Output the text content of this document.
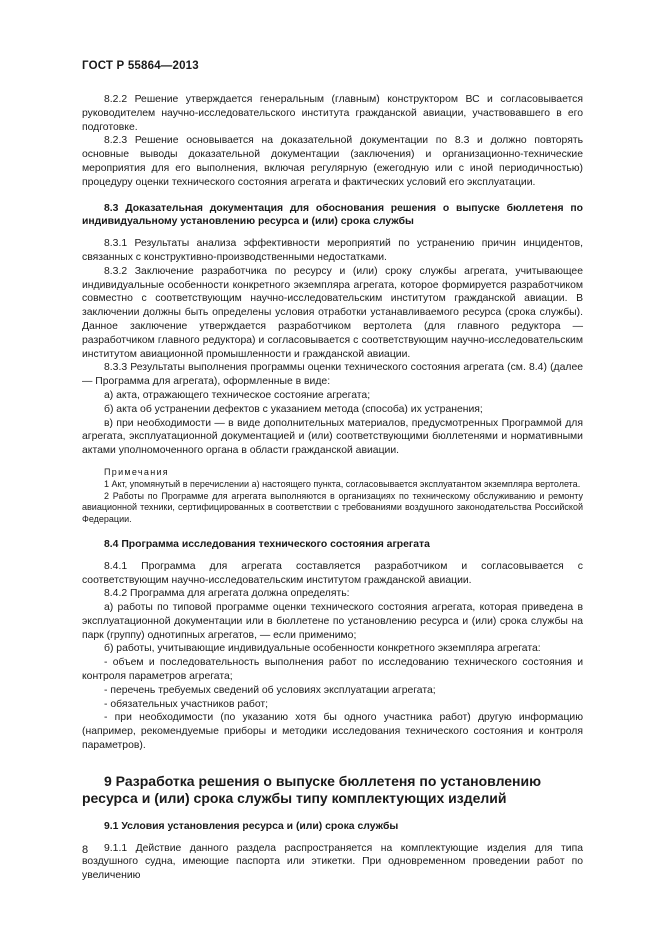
ГОСТ Р 55864—2013

8.2.2 Решение утверждается генеральным (главным) конструктором ВС и согласовывается руководителем научно-исследовательского института гражданской авиации, участвовавшего в его подготовке.

8.2.3 Решение основывается на доказательной документации по 8.3 и должно повторять основные выводы доказательной документации (заключения) и организационно-технические мероприятия для его выполнения, включая регулярную (ежегодную или с иной периодичностью) процедуру оценки технического состояния агрегата и фактических условий его эксплуатации.

8.3 Доказательная документация для обоснования решения о выпуске бюллетеня по индивидуальному установлению ресурса и (или) срока службы

8.3.1 Результаты анализа эффективности мероприятий по устранению причин инцидентов, связанных с конструктивно-производственными недостатками.

8.3.2 Заключение разработчика по ресурсу и (или) сроку службы агрегата, учитывающее индивидуальные особенности конкретного экземпляра агрегата, которое формируется разработчиком совместно с соответствующим научно-исследовательским институтом гражданской авиации. В заключении должны быть определены условия отработки устанавливаемого ресурса (срока службы). Данное заключение утверждается разработчиком вертолета (для главного редуктора — разработчиком главного редуктора) и согласовывается с соответствующим научно-исследовательским институтом авиационной промышленности и гражданской авиации.

8.3.3 Результаты выполнения программы оценки технического состояния агрегата (см. 8.4) (далее — Программа для агрегата), оформленные в виде:

а) акта, отражающего техническое состояние агрегата;

б) акта об устранении дефектов с указанием метода (способа) их устранения;

в) при необходимости — в виде дополнительных материалов, предусмотренных Программой для агрегата, эксплуатационной документацией и (или) соответствующими бюллетенями и нормативными актами уполномоченного органа в области гражданской авиации.

Примечания

1 Акт, упомянутый в перечислении а) настоящего пункта, согласовывается эксплуатантом экземпляра вертолета.

2 Работы по Программе для агрегата выполняются в организациях по техническому обслуживанию и ремонту авиационной техники, сертифицированных в соответствии с требованиями воздушного законодательства Российской Федерации.

8.4 Программа исследования технического состояния агрегата

8.4.1 Программа для агрегата составляется разработчиком и согласовывается с соответствующим научно-исследовательским институтом гражданской авиации.

8.4.2 Программа для агрегата должна определять:

а) работы по типовой программе оценки технического состояния агрегата, которая приведена в эксплуатационной документации или в бюллетене по установлению ресурса и (или) срока службы на парк (группу) однотипных агрегатов, — если применимо;

б) работы, учитывающие индивидуальные особенности конкретного экземпляра агрегата:

- объем и последовательность выполнения работ по исследованию технического состояния и контроля параметров агрегата;

- перечень требуемых сведений об условиях эксплуатации агрегата;

- обязательных участников работ;

- при необходимости (по указанию хотя бы одного участника работ) другую информацию (например, рекомендуемые приборы и методики исследования технического состояния и контроля параметров).

9 Разработка решения о выпуске бюллетеня по установлению ресурса и (или) срока службы типу комплектующих изделий

9.1 Условия установления ресурса и (или) срока службы

9.1.1 Действие данного раздела распространяется на комплектующие изделия для типа воздушного судна, имеющие паспорта или этикетки. При одновременном проведении работ по увеличению

8
